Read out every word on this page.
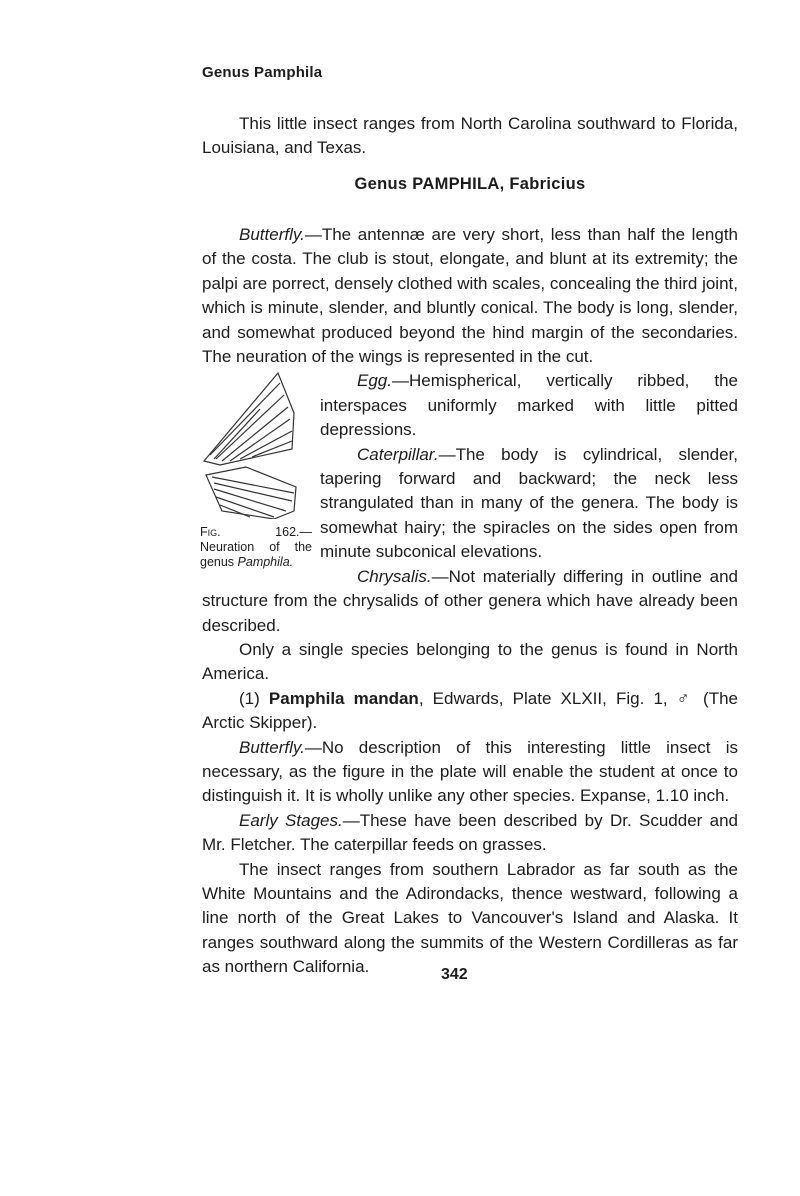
Genus Pamphila

This little insect ranges from North Carolina southward to Florida, Louisiana, and Texas.

Genus PAMPHILA, Fabricius

Butterfly.—The antennæ are very short, less than half the length of the costa. The club is stout, elongate, and blunt at its extremity; the palpi are porrect, densely clothed with scales, concealing the third joint, which is minute, slender, and bluntly conical. The body is long, slender, and somewhat produced beyond the hind margin of the secondaries. The neuration of the wings is represented in the cut.

Fig. 162.—Neuration of the genus Pamphila.

Egg.—Hemispherical, vertically ribbed, the interspaces uniformly marked with little pitted depressions.

Caterpillar.—The body is cylindrical, slender, tapering forward and backward; the neck less strangulated than in many of the genera. The body is somewhat hairy; the spiracles on the sides open from minute subconical elevations.

Chrysalis.—Not materially differing in outline and structure from the chrysalids of other genera which have already been described.

Only a single species belonging to the genus is found in North America.

(1) Pamphila mandan, Edwards, Plate XLXII, Fig. 1, ♂ (The Arctic Skipper).

Butterfly.—No description of this interesting little insect is necessary, as the figure in the plate will enable the student at once to distinguish it. It is wholly unlike any other species. Expanse, 1.10 inch.

Early Stages.—These have been described by Dr. Scudder and Mr. Fletcher. The caterpillar feeds on grasses.

The insect ranges from southern Labrador as far south as the White Mountains and the Adirondacks, thence westward, following a line north of the Great Lakes to Vancouver's Island and Alaska. It ranges southward along the summits of the Western Cordilleras as far as northern California.	342
